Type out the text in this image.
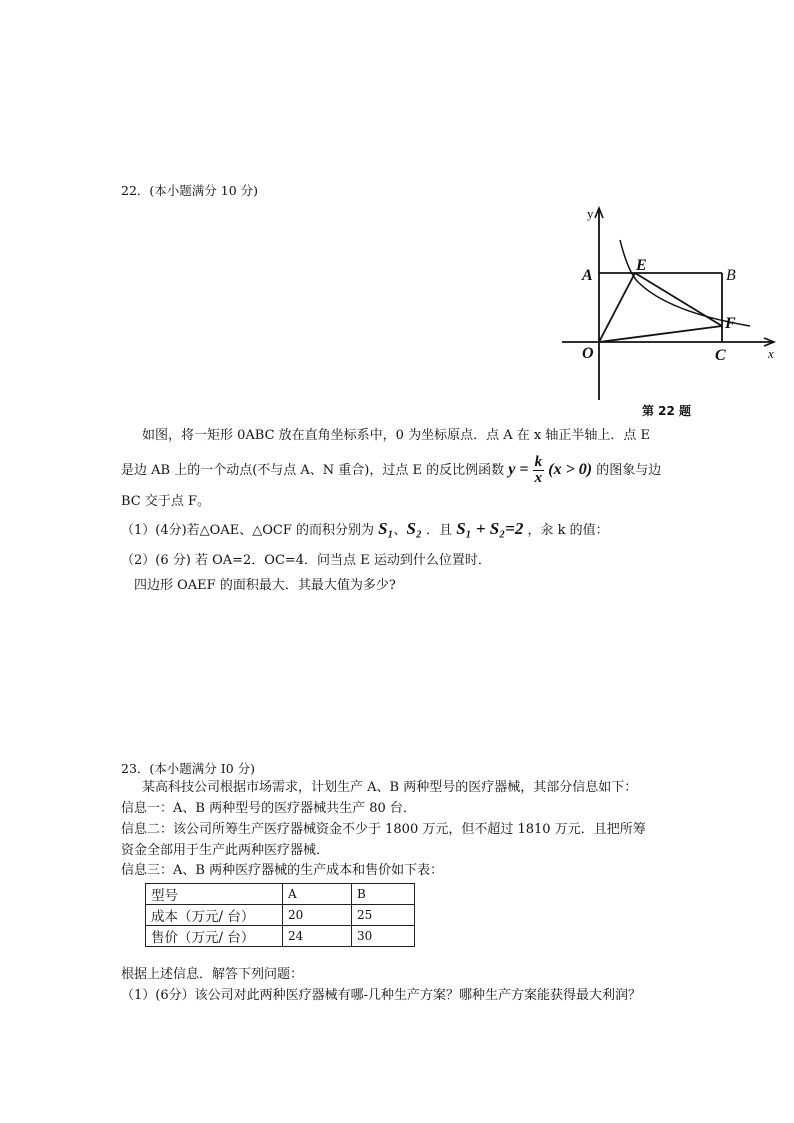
22．(本小题满分 10 分)
y
x
A
E
B
F
O	C
第 22 题
如图，将一矩形 0ABC 放在直角坐标系中，0 为坐标原点．点 A 在 x 轴正半轴上．点 E
是边 AB 上的一个动点(不与点 A、N 重合)，过点 E 的反比例函数 $y = \frac{k}{x} (x > 0)$ 的图象与边
BC 交于点 F。
（1）(4分)若△OAE、△OCF 的而积分别为 S₁、S₂ ．且 S₁ + S₂=2 ，汆 k 的值：
（2）(6 分) 若 OA=2．OC=4．问当点 E 运动到什么位置时．
四边形 OAEF 的面积最大．其最大值为多少?
23．(本小题满分 I0 分)
某高科技公司根据市场需求，计划生产 A、B 两种型号的医疗器械，其部分信息如下：
信息一：A、B 两种型号的医疗器械共生产 80 台．
信息二：该公司所筹生产医疗器械资金不少于 1800 万元，但不超过 1810 万元．且把所筹
资金全部用于生产此两种医疗器械．
信息三：A、B 两种医疗器械的生产成本和售价如下表：
型号	A	B
成本（万元/ 台）	20	25
售价（万元/ 台）	24	30
根据上述信息．解答下列问题：
（1）(6分）该公司对此两种医疗器械有哪-几种生产方案？哪种生产方案能获得最大利润？
